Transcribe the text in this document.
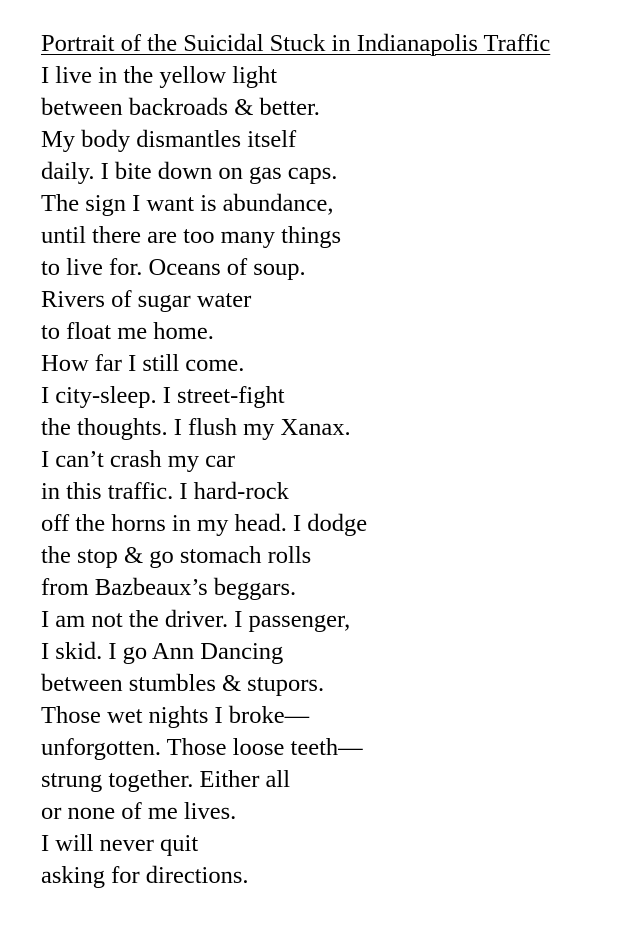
Portrait of the Suicidal Stuck in Indianapolis Traffic
I live in the yellow light
between backroads & better.
My body dismantles itself
daily. I bite down on gas caps.
The sign I want is abundance,
until there are too many things
to live for. Oceans of soup.
Rivers of sugar water
to float me home.
How far I still come.
I city-sleep. I street-fight
the thoughts. I flush my Xanax.
I can’t crash my car
in this traffic. I hard-rock
off the horns in my head. I dodge
the stop & go stomach rolls
from Bazbeaux’s beggars.
I am not the driver. I passenger,
I skid. I go Ann Dancing
between stumbles & stupors.
Those wet nights I broke—
unforgotten. Those loose teeth—
strung together. Either all
or none of me lives.
I will never quit
asking for directions.
